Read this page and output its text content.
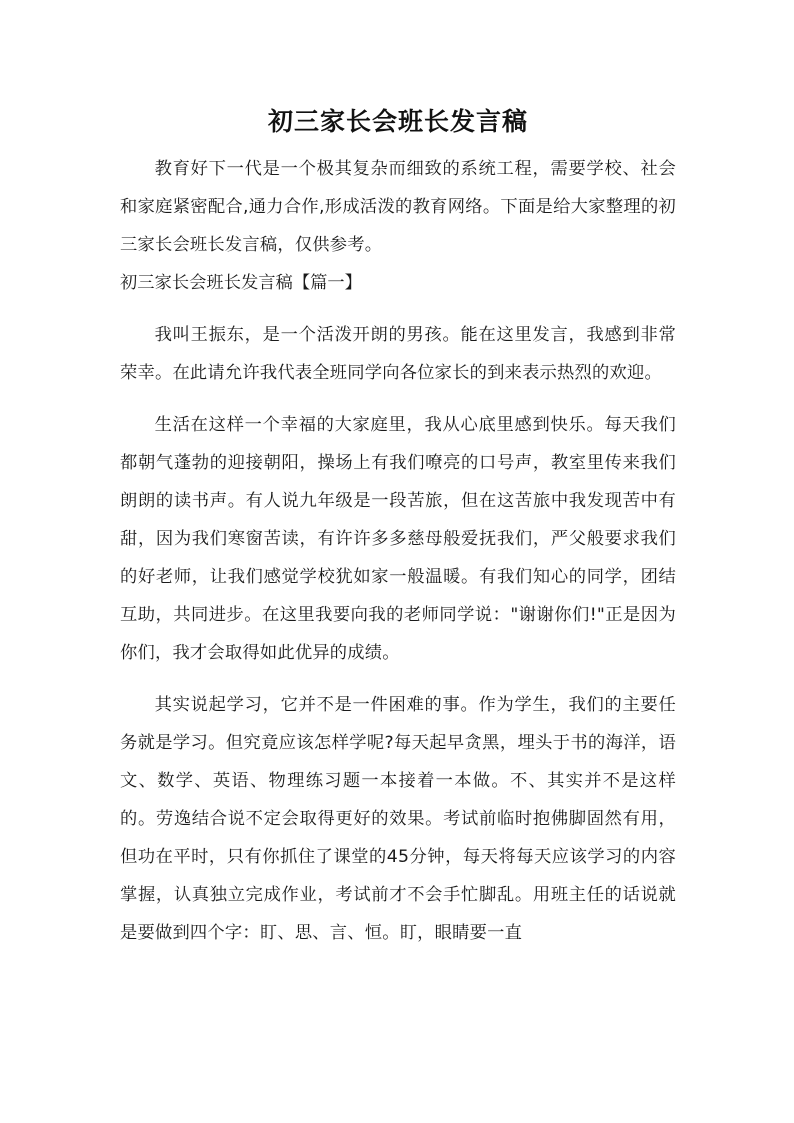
初三家长会班长发言稿

教育好下一代是一个极其复杂而细致的系统工程，需要学校、社会和家庭紧密配合,通力合作,形成活泼的教育网络。下面是给大家整理的初三家长会班长发言稿，仅供参考。

初三家长会班长发言稿【篇一】

我叫王振东，是一个活泼开朗的男孩。能在这里发言，我感到非常荣幸。在此请允许我代表全班同学向各位家长的到来表示热烈的欢迎。

生活在这样一个幸福的大家庭里，我从心底里感到快乐。每天我们都朝气蓬勃的迎接朝阳，操场上有我们嘹亮的口号声，教室里传来我们朗朗的读书声。有人说九年级是一段苦旅，但在这苦旅中我发现苦中有甜，因为我们寒窗苦读，有许许多多慈母般爱抚我们，严父般要求我们的好老师，让我们感觉学校犹如家一般温暖。有我们知心的同学，团结互助，共同进步。在这里我要向我的老师同学说："谢谢你们!"正是因为你们，我才会取得如此优异的成绩。

其实说起学习，它并不是一件困难的事。作为学生，我们的主要任务就是学习。但究竟应该怎样学呢?每天起早贪黑，埋头于书的海洋，语文、数学、英语、物理练习题一本接着一本做。不、其实并不是这样的。劳逸结合说不定会取得更好的效果。考试前临时抱佛脚固然有用，但功在平时，只有你抓住了课堂的45分钟，每天将每天应该学习的内容掌握，认真独立完成作业，考试前才不会手忙脚乱。用班主任的话说就是要做到四个字：盯、思、言、恒。盯，眼睛要一直
